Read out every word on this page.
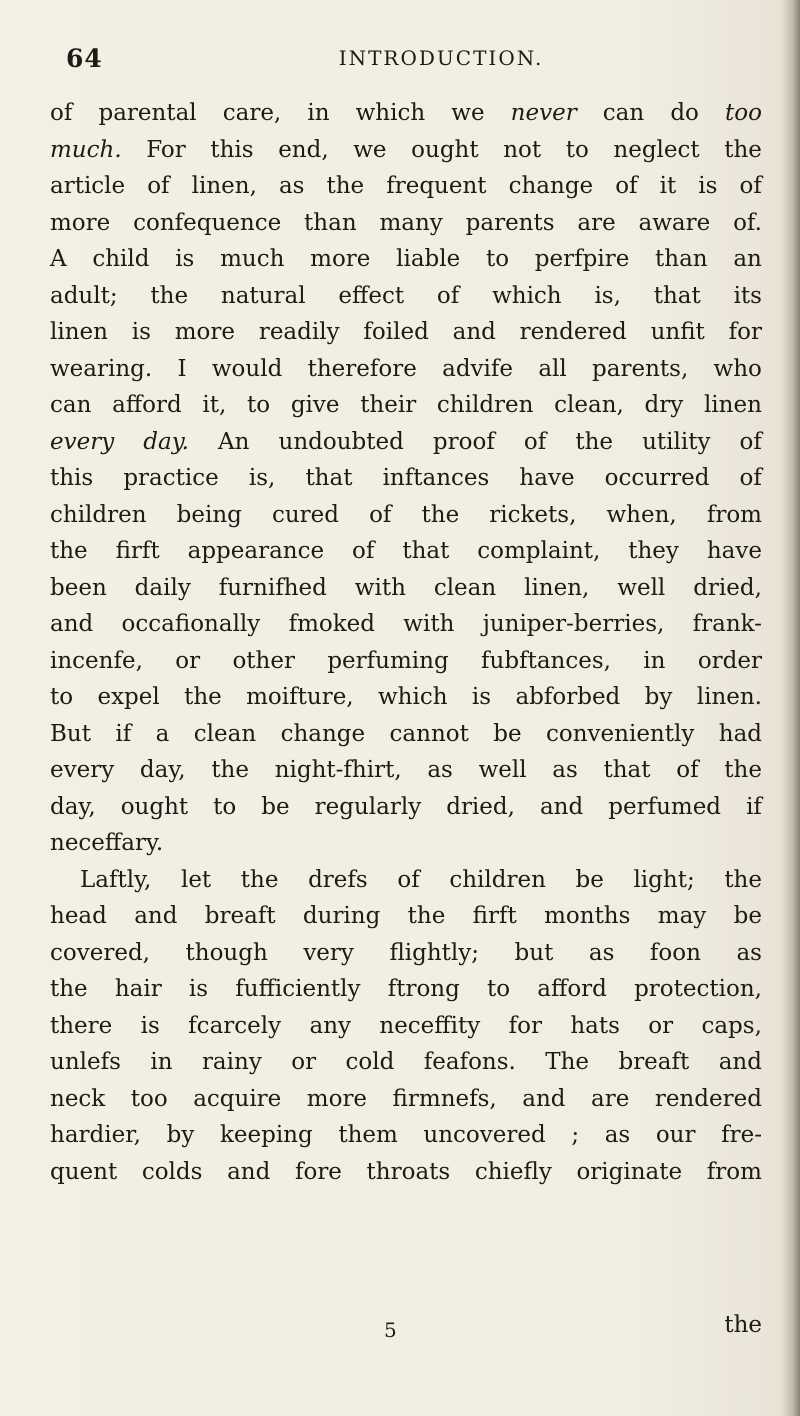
64	INTRODUCTION.
of parental care, in which we never can do too
much. For this end, we ought not to neglect the
article of linen, as the frequent change of it is of
more confequence than many parents are aware of.
A child is much more liable to perfpire than an
adult; the natural effect of which is, that its
linen is more readily foiled and rendered unfit for
wearing. I would therefore advife all parents, who
can afford it, to give their children clean, dry linen
every day. An undoubted proof of the utility of
this practice is, that inftances have occurred of
children being cured of the rickets, when, from
the firft appearance of that complaint, they have
been daily furnifhed with clean linen, well dried,
and occafionally fmoked with juniper-berries, frank-
incenfe, or other perfuming fubftances, in order
to expel the moifture, which is abforbed by linen.
But if a clean change cannot be conveniently had
every day, the night-fhirt, as well as that of the
day, ought to be regularly dried, and perfumed if
neceffary.
Laftly, let the drefs of children be light; the
head and breaft during the firft months may be
covered, though very flightly; but as foon as
the hair is fufficiently ftrong to afford protection,
there is fcarcely any neceffity for hats or caps,
unlefs in rainy or cold feafons. The breaft and
neck too acquire more firmnefs, and are rendered
hardier, by keeping them uncovered ; as our fre-
quent colds and fore throats chiefly originate from
5	the
